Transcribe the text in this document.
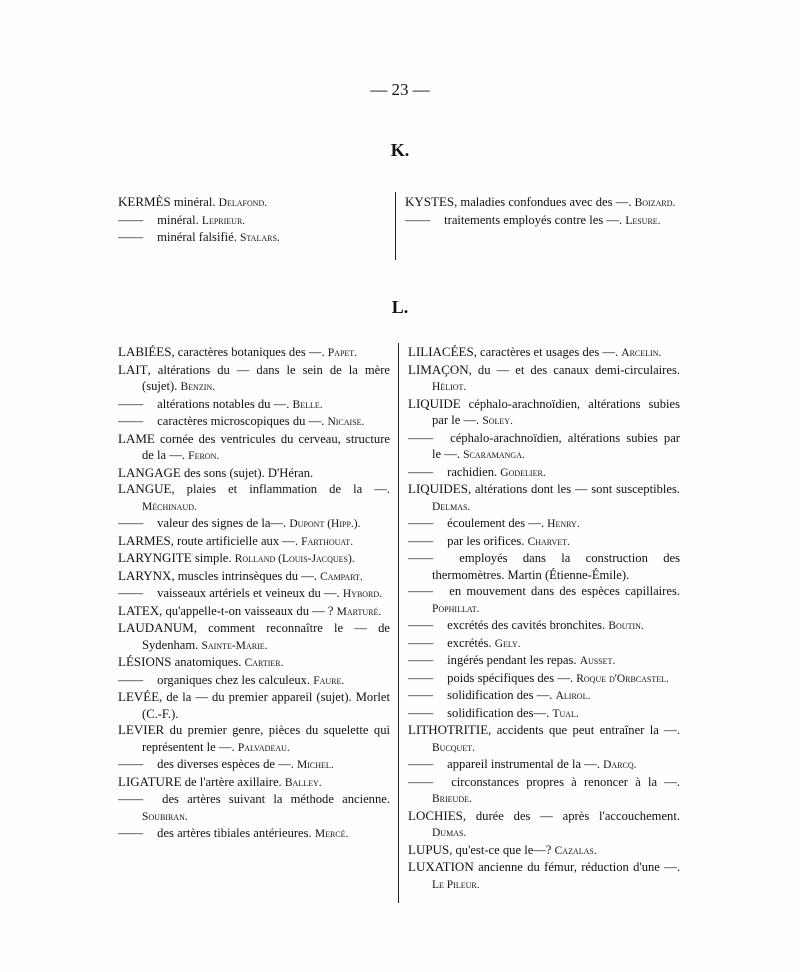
— 23 —
K.
KERMÈS minéral. Delafond.
—— minéral. Leprieur.
—— minéral falsifié. Stalars.
KYSTES, maladies confondues avec des —. Boizard.
—— traitements employés contre les —. Lesure.
L.
LABIÉES, caractères botaniques des —. Papet.
LAIT, altérations du — dans le sein de la mère (sujet). Benzin.
—— altérations notables du —. Belle.
—— caractères microscopiques du —. Nicaise.
LAME cornée des ventricules du cerveau, structure de la —. Feron.
LANGAGE des sons (sujet). D'Héran.
LANGUE, plaies et inflammation de la —. Méchinaud.
—— valeur des signes de la—. Dupont (Hipp.).
LARMES, route artificielle aux —. Farthouat.
LARYNGITE simple. Rolland (Louis-Jacques).
LARYNX, muscles intrinsèques du —. Campart.
—— vaisseaux artériels et veineux du —. Hybord.
LATEX, qu'appelle-t-on vaisseaux du — ? Marturé.
LAUDANUM, comment reconnaître le — de Sydenham. Sainte-Marie.
LÉSIONS anatomiques. Cartier.
—— organiques chez les calculeux. Faure.
LEVÉE, de la — du premier appareil (sujet). Morlet (C.-F.).
LEVIER du premier genre, pièces du squelette qui représentent le —. Palvadeau.
—— des diverses espèces de —. Michel.
LIGATURE de l'artère axillaire. Balley.
—— des artères suivant la méthode ancienne. Soubiran.
—— des artères tibiales antérieures. Mercé.
LILIACÉES, caractères et usages des —. Arcelin.
LIMAÇON, du — et des canaux demi-circulaires. Héliot.
LIQUIDE céphalo-arachnoïdien, altérations subies par le —. Soley.
—— céphalo-arachnoïdien, altérations subies par le —. Scaramanga.
—— rachidien. Godelier.
LIQUIDES, altérations dont les — sont susceptibles. Delmas.
—— écoulement des —. Henry.
—— par les orifices. Charvet.
—— employés dans la construction des thermomètres. Martin (Étienne-Émile).
—— en mouvement dans des espèces capillaires. Pophillat.
—— excrétés des cavités bronchites. Boutin.
—— excrétés. Gely.
—— ingérés pendant les repas. Ausset.
—— poids spécifiques des —. Roque d'Orbcastel.
—— solidification des —. Alirol.
—— solidification des—. Tual.
LITHOTRITIE, accidents que peut entraîner la —. Bucquet.
—— appareil instrumental de la —. Darcq.
—— circonstances propres à renoncer à la —. Brieude.
LOCHIES, durée des — après l'accouchement. Dumas.
LUPUS, qu'est-ce que le—? Cazalas.
LUXATION ancienne du fémur, réduction d'une —. Le Pileur.
